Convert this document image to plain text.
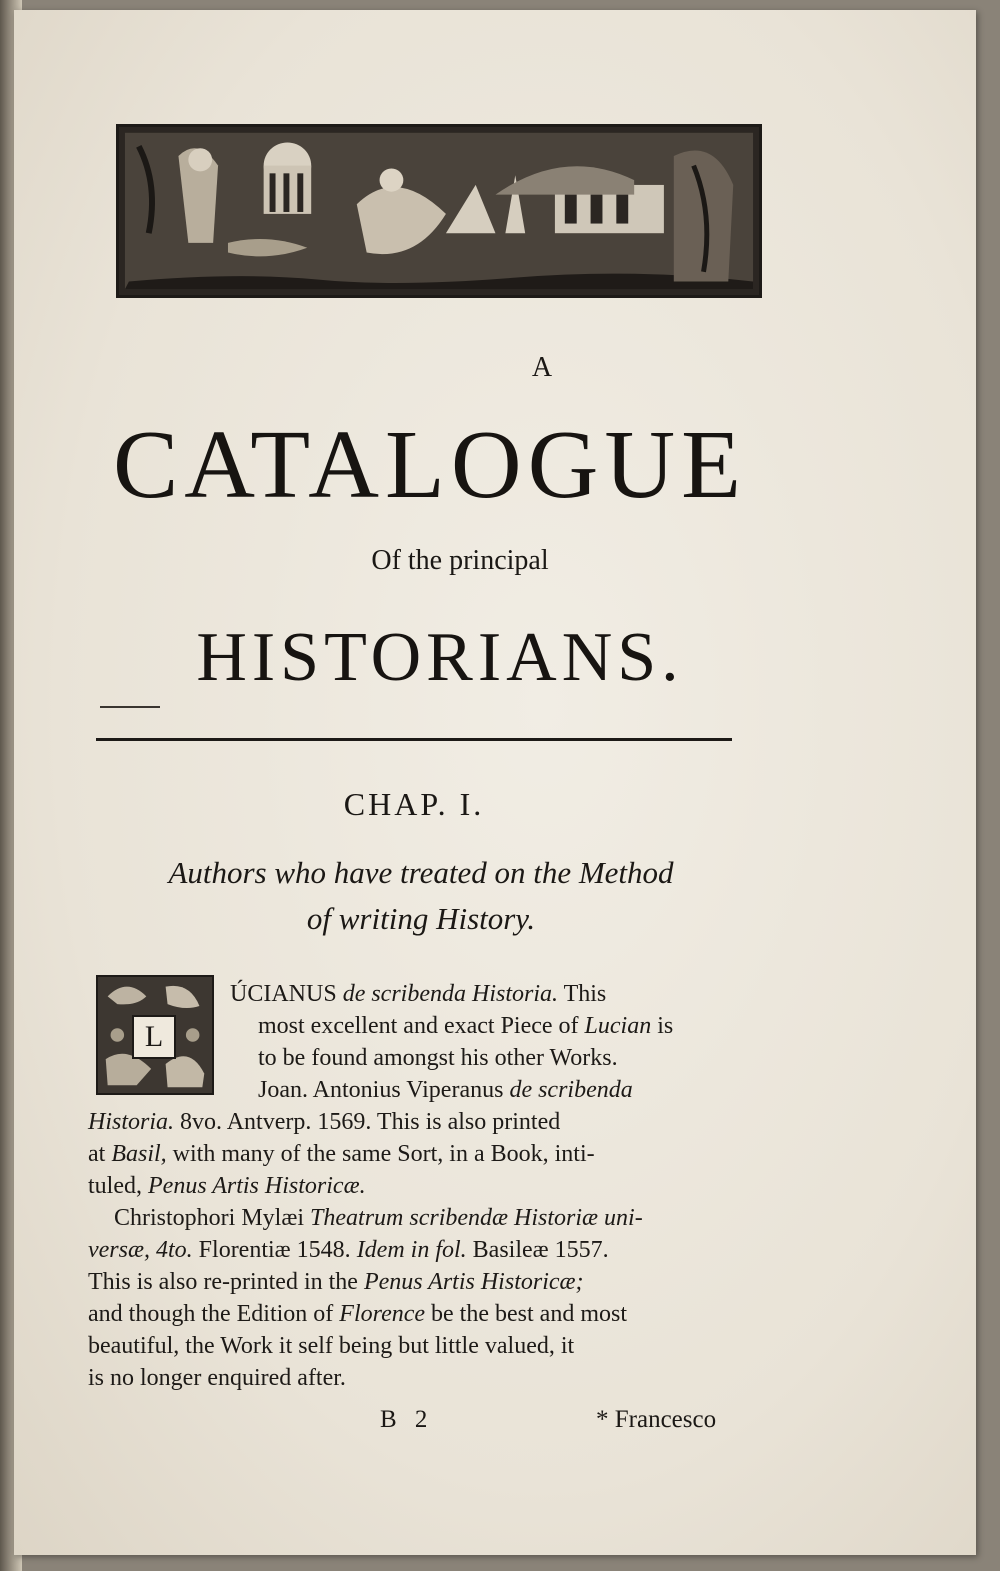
A
CATALOGUE
Of the principal
HISTORIANS.
CHAP. I.
Authors who have treated on the Method
of writing History.
L

ÚCIANUS de scribenda Historia. This

most excellent and exact Piece of Lucian is

to be found amongst his other Works.

Joan. Antonius Viperanus de scribenda

Historia. 8vo. Antverp. 1569. This is also printed

at Basil, with many of the same Sort, in a Book, inti-

tuled, Penus Artis Historicæ.

Christophori Mylæi Theatrum scribendæ Historiæ uni-

versæ, 4to. Florentiæ 1548. Idem in fol. Basileæ 1557.

This is also re-printed in the Penus Artis Historicæ;

and though the Edition of Florence be the best and most

beautiful, the Work it self being but little valued, it

is no longer enquired after.

B 2	* Francesco
